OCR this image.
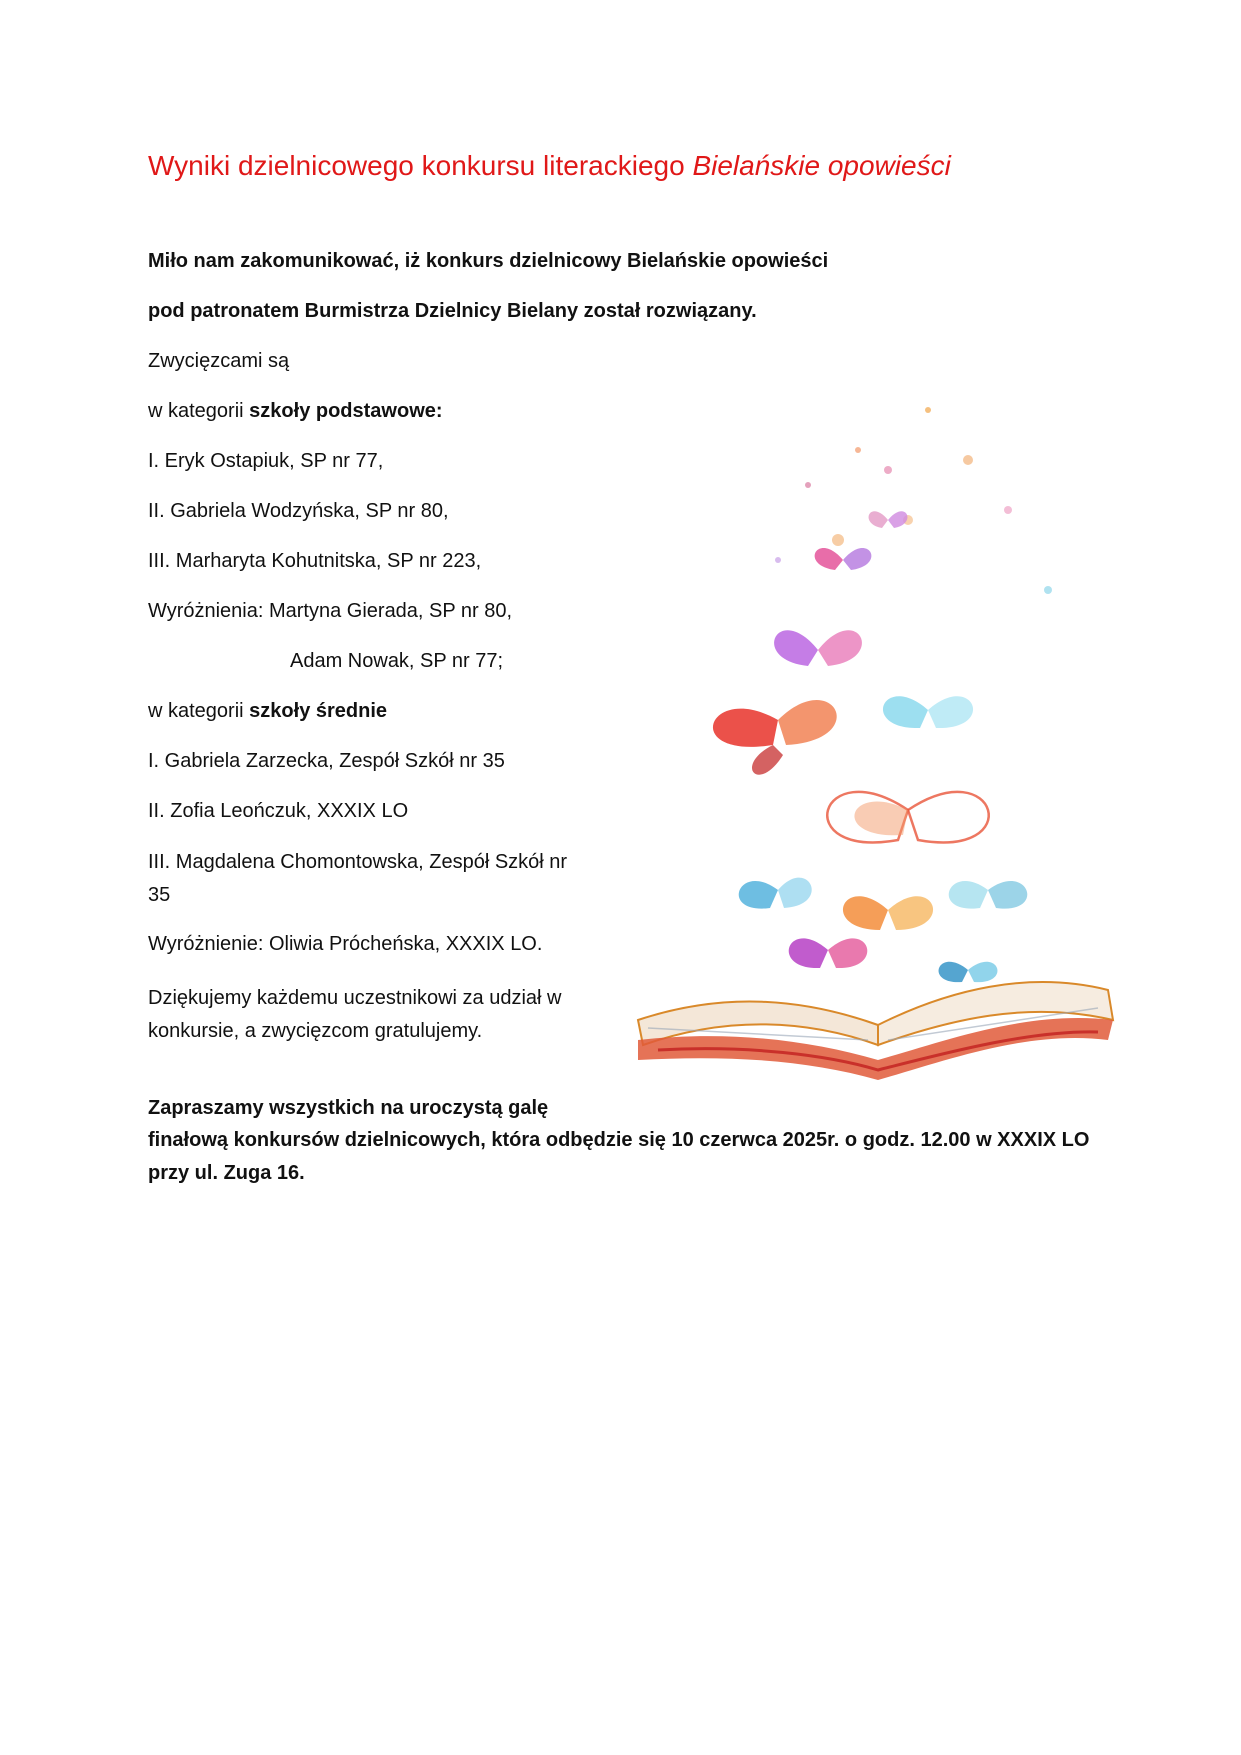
Wyniki dzielnicowego konkursu literackiego Bielańskie opowieści
Miło nam zakomunikować, iż konkurs dzielnicowy Bielańskie opowieści
pod patronatem Burmistrza Dzielnicy Bielany został rozwiązany.
Zwycięzcami są
w kategorii szkoły podstawowe:
I. Eryk Ostapiuk, SP nr 77,
II. Gabriela Wodzyńska, SP nr 80,
III. Marharyta Kohutnitska, SP nr 223,
Wyróżnienia: Martyna Gierada, SP nr 80,
Adam Nowak, SP nr 77;
w kategorii szkoły średnie
I. Gabriela Zarzecka, Zespół Szkół nr 35
II. Zofia Leończuk, XXXIX LO
III. Magdalena Chomontowska, Zespół Szkół nr 35
Wyróżnienie: Oliwia Próchеńska, XXXIX LO.
Dziękujemy każdemu uczestnikowi za udział w konkursie, a zwycięzcom gratulujemy.
Zapraszamy wszystkich na uroczystą galę
finałową konkursów dzielnicowych, która odbędzie się 10 czerwca 2025r. o godz. 12.00 w XXXIX LO przy ul. Zuga 16.
